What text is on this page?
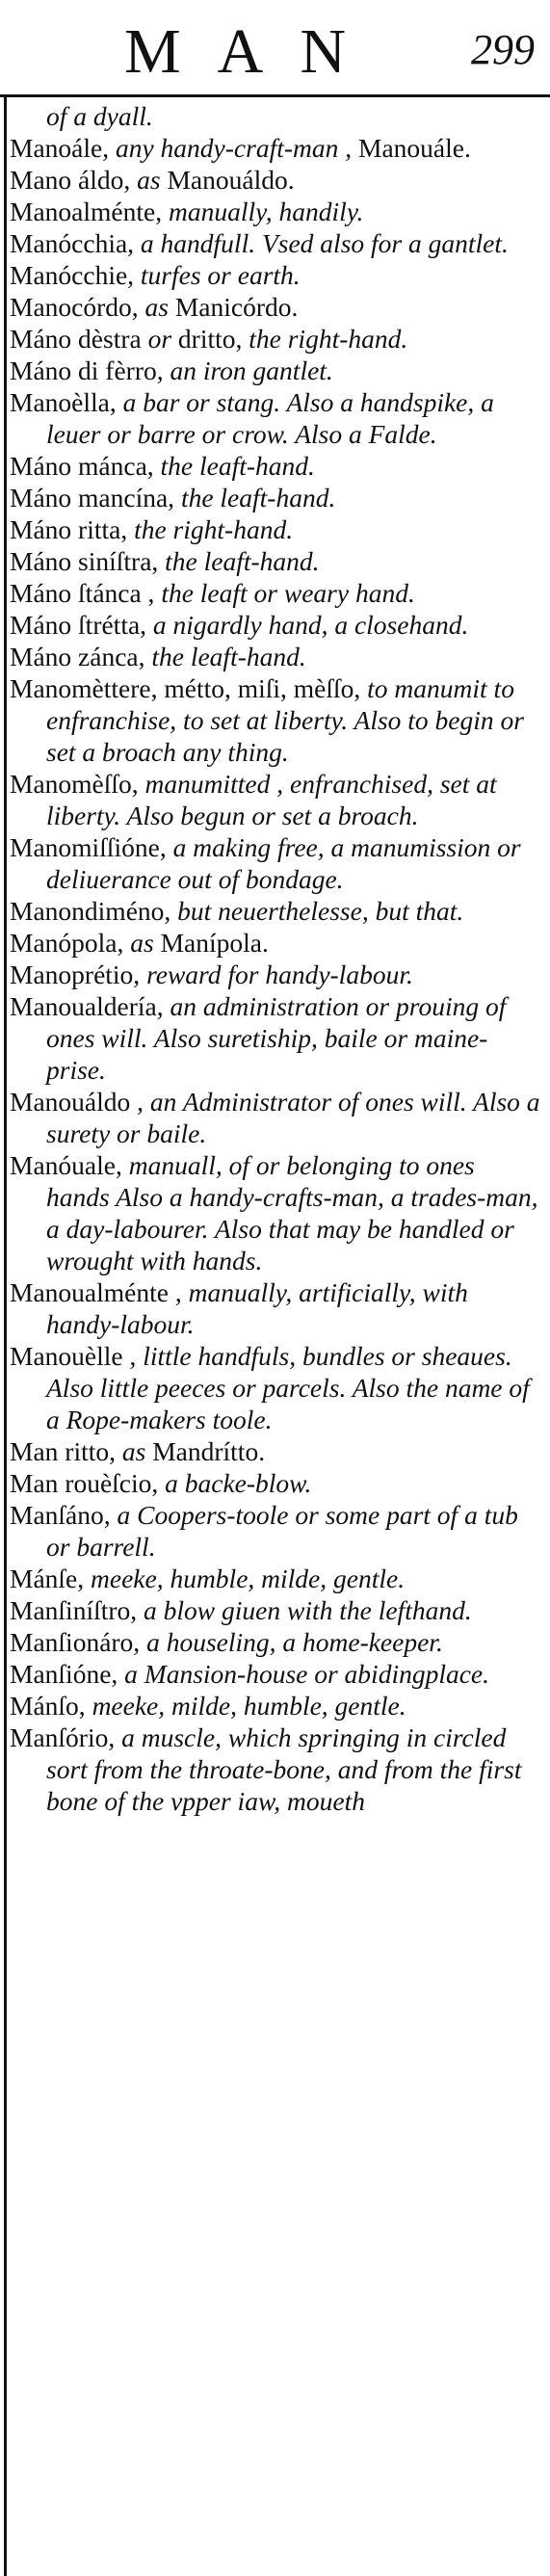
MAN	299

of a dyall.

Manoále, any handy-craft-man , Manouále.

Mano áldo, as Manouáldo.

Manoalménte, manually, handily.

Manócchia, a handfull. Vsed also for a gantlet.

Manócchie, turfes or earth.

Manocórdo, as Manicórdo.

Máno dèstra or dritto, the right-hand.

Máno di fèrro, an iron gantlet.

Manoèlla, a bar or stang. Also a handspike, a leuer or barre or crow. Also a Falde.

Máno mánca, the leaft-hand.

Máno mancína, the leaft-hand.

Máno ritta, the right-hand.

Máno siníſtra, the leaft-hand.

Máno ſtánca , the leaft or weary hand.

Máno ſtrétta, a nigardly hand, a closehand.

Máno zánca, the leaft-hand.

Manomèttere, métto, miſi, mèſſo, to manumit to enfranchise, to set at liberty. Also to begin or set a broach any thing.

Manomèſſo, manumitted , enfranchised, set at liberty. Also begun or set a broach.

Manomiſſióne, a making free, a manumission or deliuerance out of bondage.

Manondiméno, but neuerthelesse, but that.

Manópola, as Manípola.

Manoprétio, reward for handy-labour.

Manoualdería, an administration or prouing of ones will. Also suretiship, baile or maine-prise.

Manouáldo , an Administrator of ones will. Also a surety or baile.

Manóuale, manuall, of or belonging to ones hands Also a handy-crafts-man, a trades-man, a day-labourer. Also that may be handled or wrought with hands.

Manoualménte , manually, artificially, with handy-labour.

Manouèlle , little handfuls, bundles or sheaues. Also little peeces or parcels. Also the name of a Rope-makers toole.

Man ritto, as Mandrítto.

Man rouèſcio, a backe-blow.

Manſáno, a Coopers-toole or some part of a tub or barrell.

Mánſe, meeke, humble, milde, gentle.

Manſiníſtro, a blow giuen with the lefthand.

Manſionáro, a houseling, a home-keeper.

Manſióne, a Mansion-house or abidingplace.

Mánſo, meeke, milde, humble, gentle.

Manſório, a muscle, which springing in circled sort from the throate-bone, and from the first bone of the vpper iaw, moueth
